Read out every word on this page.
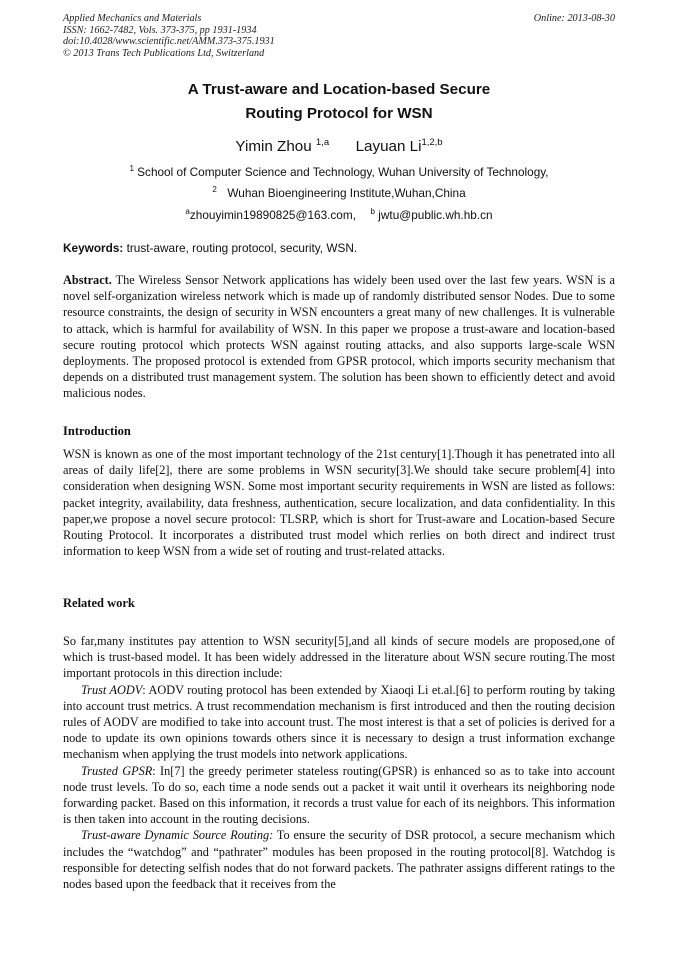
Applied Mechanics and Materials
ISSN: 1662-7482, Vols. 373-375, pp 1931-1934
doi:10.4028/www.scientific.net/AMM.373-375.1931
© 2013 Trans Tech Publications Ltd, Switzerland
Online: 2013-08-30
A Trust-aware and Location-based Secure
Routing Protocol for WSN
Yimin Zhou $^{1,a}$ Layuan Li$^{1,2,b}$
$^1$ School of Computer Science and Technology, Wuhan University of Technology,
$^2$ Wuhan Bioengineering Institute,Wuhan,China
$^a$zhouyimin19890825@163.com, $^b$ jwtu@public.wh.hb.cn
Keywords: trust-aware, routing protocol, security, WSN.

Abstract. The Wireless Sensor Network applications has widely been used over the last few years. WSN is a novel self-organization wireless network which is made up of randomly distributed sensor Nodes. Due to some resource constraints, the design of security in WSN encounters a great many of new challenges. It is vulnerable to attack, which is harmful for availability of WSN. In this paper we propose a trust-aware and location-based secure routing protocol which protects WSN against routing attacks, and also supports large-scale WSN deployments. The proposed protocol is extended from GPSR protocol, which imports security mechanism that depends on a distributed trust management system. The solution has been shown to efficiently detect and avoid malicious nodes.

Introduction

WSN is known as one of the most important technology of the 21st century[1].Though it has penetrated into all areas of daily life[2], there are some problems in WSN security[3].We should take secure problem[4] into consideration when designing WSN. Some most important security requirements in WSN are listed as follows: packet integrity, availability, data freshness, authentication, secure localization, and data confidentiality. In this paper,we propose a novel secure protocol: TLSRP, which is short for Trust-aware and Location-based Secure Routing Protocol. It incorporates a distributed trust model which rerlies on both direct and indirect trust information to keep WSN from a wide set of routing and trust-related attacks.

Related work

So far,many institutes pay attention to WSN security[5],and all kinds of secure models are proposed,one of which is trust-based model. It has been widely addressed in the literature about WSN secure routing.The most important protocols in this direction include:

Trust AODV: AODV routing protocol has been extended by Xiaoqi Li et.al.[6] to perform routing by taking into account trust metrics. A trust recommendation mechanism is first introduced and then the routing decision rules of AODV are modified to take into account trust. The most interest is that a set of policies is derived for a node to update its own opinions towards others since it is necessary to design a trust information exchange mechanism when applying the trust models into network applications.

Trusted GPSR: In[7] the greedy perimeter stateless routing(GPSR) is enhanced so as to take into account node trust levels. To do so, each time a node sends out a packet it wait until it overhears its neighboring node forwarding packet. Based on this information, it records a trust value for each of its neighbors. This information is then taken into account in the routing decisions.

Trust-aware Dynamic Source Routing: To ensure the security of DSR protocol, a secure mechanism which includes the “watchdog” and “pathrater” modules has been proposed in the routing protocol[8]. Watchdog is responsible for detecting selfish nodes that do not forward packets. The pathrater assigns different ratings to the nodes based upon the feedback that it receives from the
